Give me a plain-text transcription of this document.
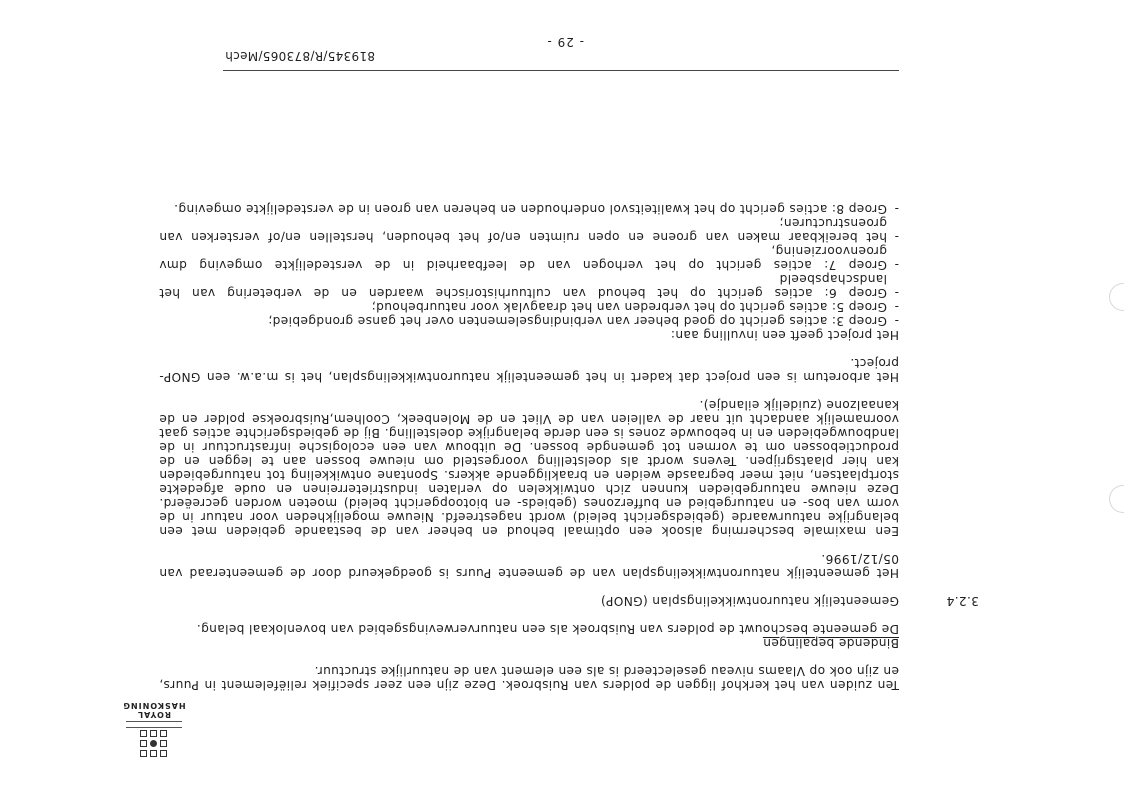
ROYAL HASKONING

Ten zuiden van het kerkhof liggen de polders van Ruisbroek. Deze zijn een zeer specifiek reliëfelement in Puurs, en zijn ook op Vlaams niveau geselecteerd is als een element van de natuurlijke structuur.

Bindende bepalingen
De gemeente beschouwt de polders van Ruisbroek als een natuurverwevingsgebied van bovenlokaal belang.

3.2.4
Gemeentelijk natuurontwikkelingsplan (GNOP)

Het gemeentelijk natuurontwikkelingsplan van de gemeente Puurs is goedgekeurd door de gemeenteraad van 05/12/1996.

Een maximale bescherming alsook een optimaal behoud en beheer van de bestaande gebieden met een belangrijke natuurwaarde (gebiedsgericht beleid) wordt nagestreefd. Nieuwe mogelijkheden voor natuur in de vorm van bos- en natuurgebied en bufferzones (gebieds- en biotoopgericht beleid) moeten worden gecreëerd. Deze nieuwe natuurgebieden kunnen zich ontwikkelen op verlaten industrieterreinen en oude afgedekte stortplaatsen, niet meer begraasde weiden en braakliggende akkers. Spontane ontwikkeling tot natuurgebieden kan hier plaatsgrijpen. Tevens wordt als doelstelling voorgesteld om nieuwe bossen aan te leggen en de productiebossen om te vormen tot gemengde bossen. De uitbouw van een ecologische infrastructuur in de landbouwgebieden en in bebouwde zones is een derde belangrijke doelstelling. Bij de gebiedsgerichte acties gaat voornamelijk aandacht uit naar de valleien van de Vliet en de Molenbeek, Coolhem,Ruisbroekse polder en de kanaalzone (zuidelijk eilandje).

Het arboretum is een project dat kadert in het gemeentelijk natuurontwikkelingsplan, het is m.a.w. een GNOP-project.

Het project geeft een invulling aan:

- Groep 3: acties gericht op goed beheer van verbindingselementen over het ganse grondgebied;
- Groep 5: acties gericht op het verbreden van het draagvlak voor natuurbehoud;
- Groep 6: acties gericht op het behoud van cultuurhistorische waarden en de verbetering van het landschapsbeeld
- Groep 7: acties gericht op het verhogen van de leefbaarheid in de verstedelijkte omgeving dmv groenvoorziening,
- het bereikbaar maken van groene en open ruimten en/of het behouden, herstellen en/of versterken van groenstructuren;
- Groep 8: acties gericht op het kwaliteitsvol onderhouden en beheren van groen in de verstedelijkte omgeving.
819345/R/873065/Mech
- 29 -
